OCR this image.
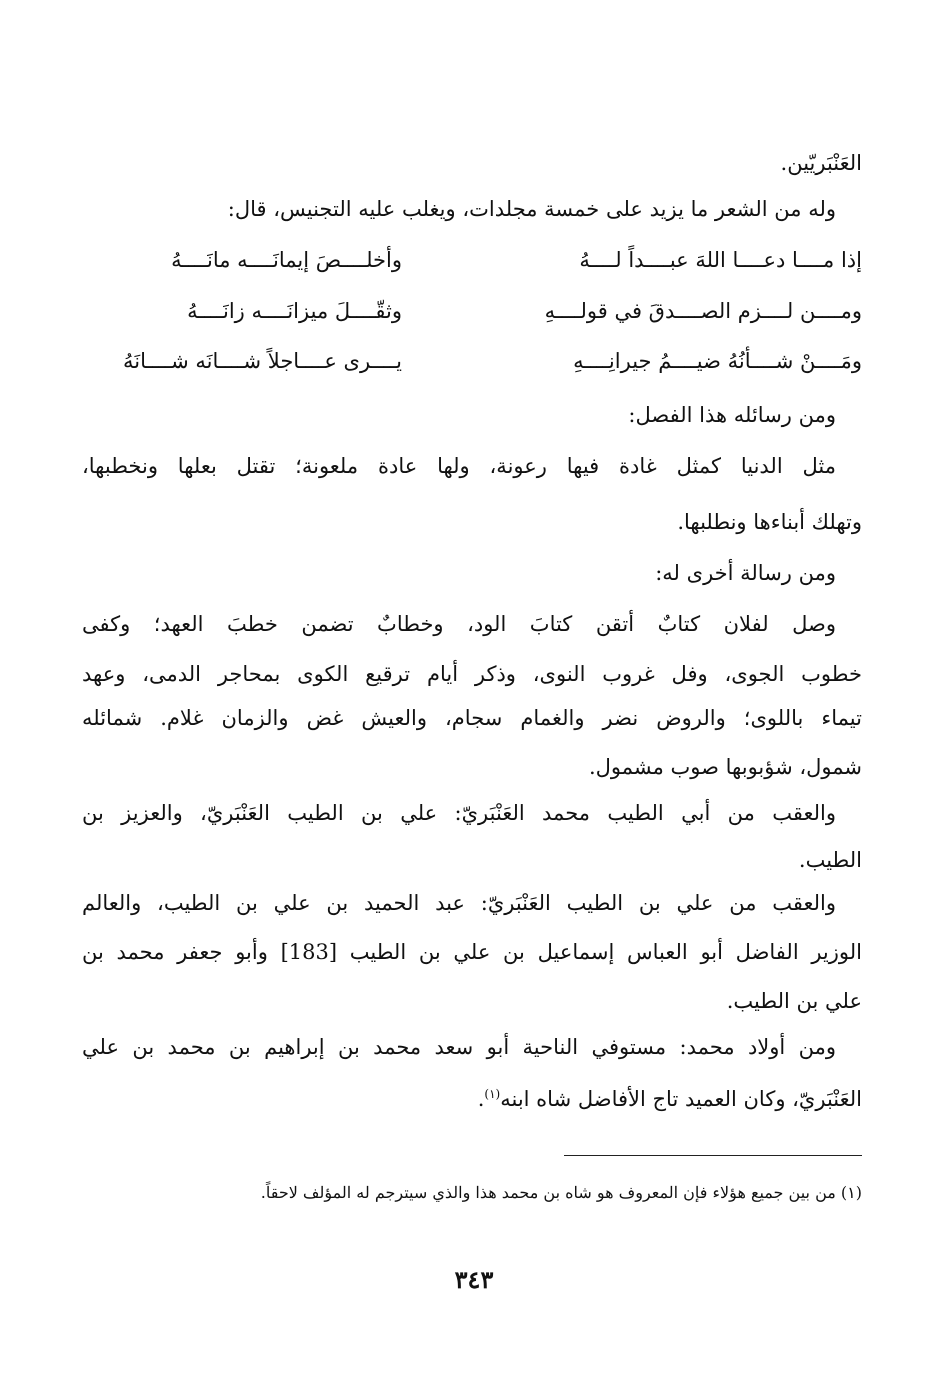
العَنْبَريّين.
وله من الشعر ما يزيد على خمسة مجلدات، ويغلب عليه التجنيس، قال:
إذا مــــا دعــــا اللهَ عبــــداً لــــهُ
وأخلــــصَ إيمانَــــه مانَــــهُ
ومــــن لــــزم الصــــدقَ في قولــــهِ
وثقّــــلَ ميزانَــــه زانَــــهُ
ومَــــنْ شــــأنُهُ ضيــــمُ جيرانِــــهِ
يــــرى عــــاجلاً شــــانَه شــــانَهُ
ومن رسائله هذا الفصل:
مثل الدنيا كمثل غادة فيها رعونة، ولها عادة ملعونة؛ تقتل بعلها ونخطبها،
وتهلك أبناءها ونطلبها.
ومن رسالة أخرى له:
وصل لفلان كتابٌ أتقن كتابَ الود، وخطابٌ تضمن خطبَ العهد؛ وكفى
خطوب الجوى، وفل غروب النوى، وذكر أيام ترقيع الكوى بمحاجر الدمى، وعهد
تيماء باللوى؛ والروض نضر والغمام سجام، والعيش غض والزمان غلام. شمائله
شمول، شؤبوبها صوب مشمول.
والعقب من أبي الطيب محمد العَنْبَريّ: علي بن الطيب العَنْبَريّ، والعزيز بن
الطيب.
والعقب من علي بن الطيب العَنْبَريّ: عبد الحميد بن علي بن الطيب، والعالم
الوزير الفاضل أبو العباس إسماعيل بن علي بن الطيب [183] وأبو جعفر محمد بن
علي بن الطيب.
ومن أولاد محمد: مستوفي الناحية أبو سعد محمد بن إبراهيم بن محمد بن علي
العَنْبَريّ، وكان العميد تاج الأفاضل شاه ابنه$^{(١)}$.
(١) من بين جميع هؤلاء فإن المعروف هو شاه بن محمد هذا والذي سيترجم له المؤلف لاحقاً.
٣٤٣
